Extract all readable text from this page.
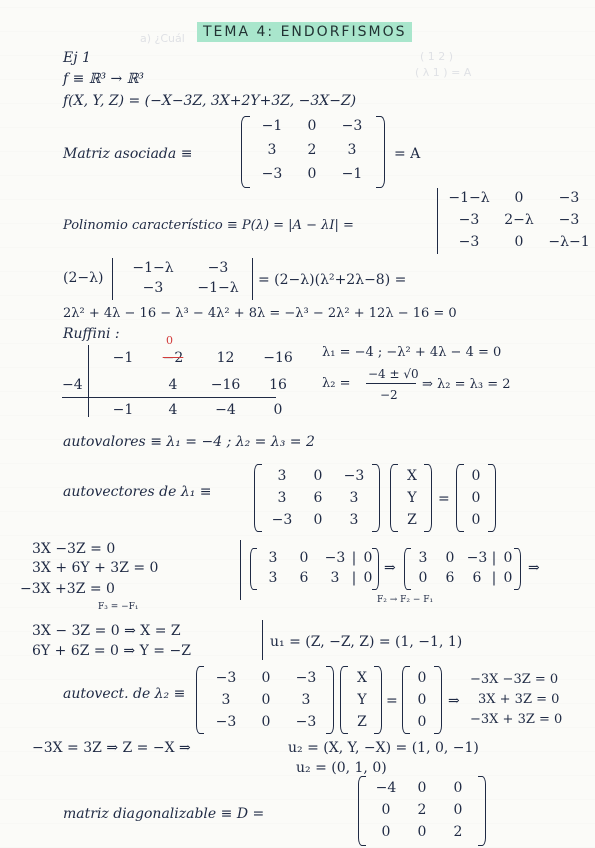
( 1 2 )
( λ 1 ) = A
a) ¿Cuál	TEMA 4: ENDORFISMOS
Ej 1
f ≡ ℝ³ → ℝ³
f(X, Y, Z) = (−X−3Z, 3X+2Y+3Z, −3X−Z)
Matriz asociada ≡
−1	0	−3
3	2	3
−3	0	−1
= A
Polinomio característico ≡ P(λ) = |A − λI| =
−1−λ	0	−3
−3	2−λ	−3
−3	0	−λ−1
(2−λ)
−1−λ	−3
−3	−1−λ	= (2−λ)(λ²+2λ−8) =
2λ² + 4λ − 16 − λ³ − 4λ² + 8λ = −λ³ − 2λ² + 12λ − 16 = 0
Ruffini :	0
−1	−2	12	−16
−4	4	−16	16
−1	4	−4	0
λ₁ = −4 ; −λ² + 4λ − 4 = 0
λ₂ =
−4 ± √0
−2
⇒ λ₂ = λ₃ = 2
autovalores ≡ λ₁ = −4 ; λ₂ = λ₃ = 2
autovectores de λ₁ ≡
3	0	−3
3	6	3
−3	0	3
X
Y
Z
=
0
0
0
3X −3Z = 0
3X + 6Y + 3Z = 0
−3X +3Z = 0
F₃ = −F₁
3	0	−3 | 0
3	6	3 | 0
⇒
F₂ → F₂ − F₁
3	0 −3 | 0
0	6	6 | 0
⇒
3X − 3Z = 0 ⇒ X = Z
6Y + 6Z = 0 ⇒ Y = −Z
u₁ = (Z, −Z, Z) = (1, −1, 1)
autovect. de λ₂ ≡
−3	0	−3
3	0	3
−3	0	−3
X
Y
Z
=
0
0
0
⇒
−3X −3Z = 0
3X + 3Z = 0
−3X + 3Z = 0
−3X = 3Z ⇒ Z = −X ⇒	u₂ = (X, Y, −X) = (1, 0, −1)
u₂ = (0, 1, 0)
matriz diagonalizable ≡ D =
−4	0	0
0	2	0
0	0	2
